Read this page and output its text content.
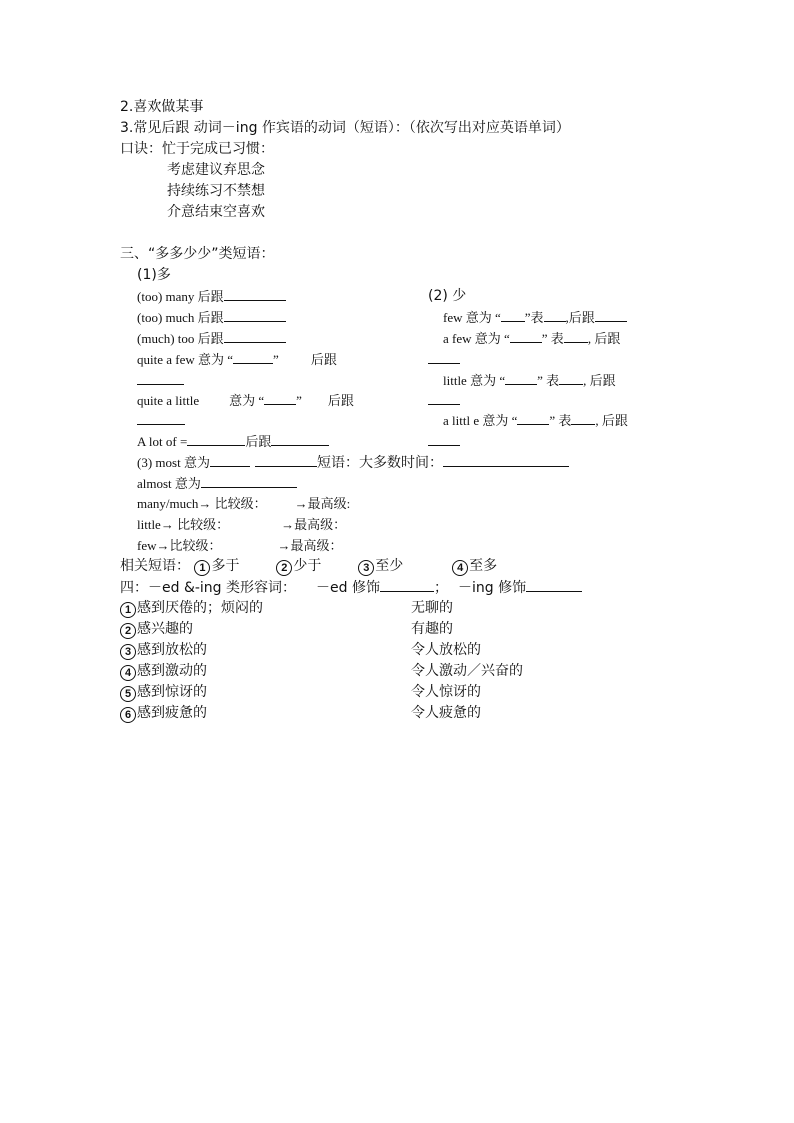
2.喜欢做某事
3.常见后跟 动词－ing 作宾语的动词（短语）：（依次写出对应英语单词）
口诀：忙于完成已习惯：
考虑建议弃思念
持续练习不禁想
介意结束空喜欢
三、“多多少少”类短语：
(1)多
(too) many 后跟
(too) much 后跟
(much) too 后跟
quite a few 意为 “	” 后跟
quite a little 意为 “ ” 后跟
A lot of =	后跟
(2) 少
few 意为 “ ”表 ,后跟
a few 意为 “ ” 表 , 后跟
little 意为 “ ” 表 , 后跟
a littl e 意为 “ ” 表 , 后跟
(3) most 意为	短语：大多数时间：
almost 意为
many/much→ 比较级： →最高级:
little→ 比较级：	→最高级：
few→比较级：	→最高级：
相关短语： 1 多于	2 少于	3 至少	4 至多
四：－ed &-ing 类形容词： －ed 修饰	； －ing 修饰
1 感到厌倦的；烦闷的	无聊的
2 感兴趣的	有趣的
3 感到放松的	令人放松的
4 感到激动的	令人激动／兴奋的
5 感到惊讶的	令人惊讶的
6 感到疲惫的	令人疲惫的
